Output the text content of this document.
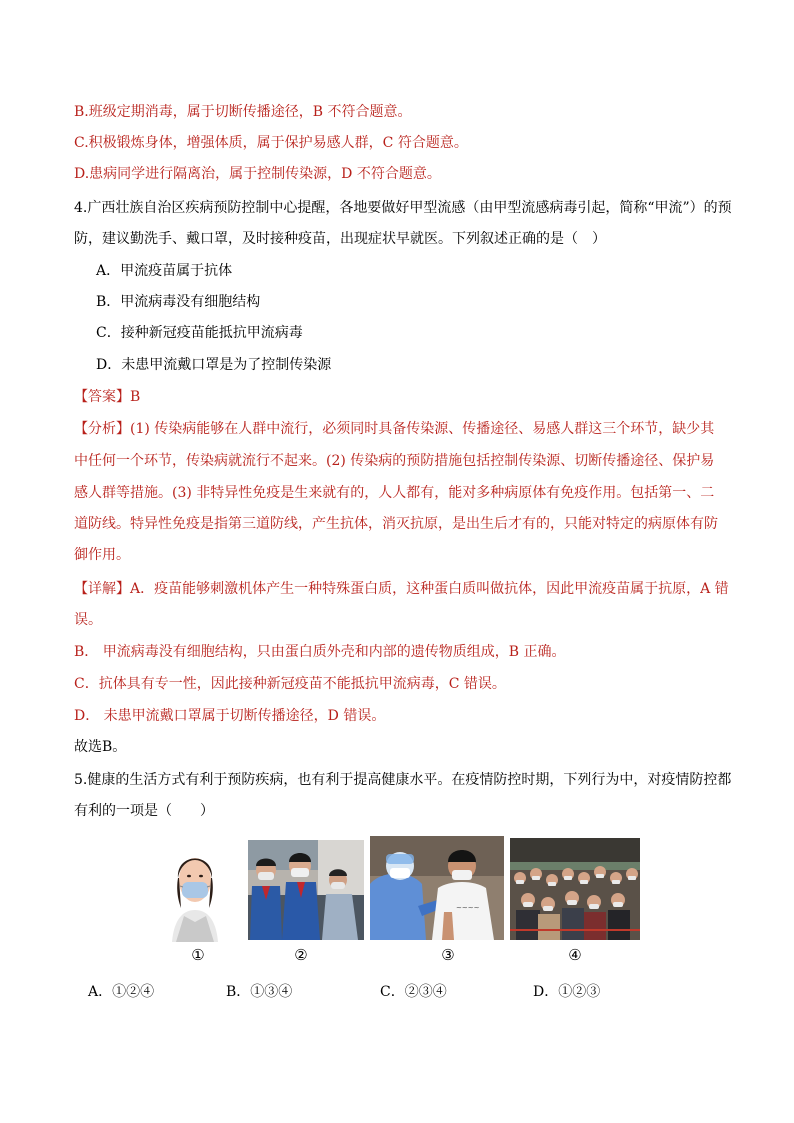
B.班级定期消毒，属于切断传播途径，B 不符合题意。
C.积极锻炼身体，增强体质，属于保护易感人群，C 符合题意。
D.患病同学进行隔离治，属于控制传染源，D 不符合题意。
4.广西壮族自治区疾病预防控制中心提醒，各地要做好甲型流感（由甲型流感病毒引起，简称“甲流”）的预
防，建议勤洗手、戴口罩，及时接种疫苗，出现症状早就医。下列叙述正确的是（　）
A．甲流疫苗属于抗体
B．甲流病毒没有细胞结构
C．接种新冠疫苗能抵抗甲流病毒
D．未患甲流戴口罩是为了控制传染源
【答案】B
【分析】(1) 传染病能够在人群中流行，必须同时具备传染源、传播途径、易感人群这三个环节，缺少其
中任何一个环节，传染病就流行不起来。(2) 传染病的预防措施包括控制传染源、切断传播途径、保护易
感人群等措施。(3) 非特异性免疫是生来就有的，人人都有，能对多种病原体有免疫作用。包括第一、二
道防线。特异性免疫是指第三道防线，产生抗体，消灭抗原，是出生后才有的，只能对特定的病原体有防
御作用。
【详解】A．疫苗能够刺激机体产生一种特殊蛋白质，这种蛋白质叫做抗体，因此甲流疫苗属于抗原，A 错
误。
B． 甲流病毒没有细胞结构，只由蛋白质外壳和内部的遗传物质组成，B 正确。
C．抗体具有专一性，因此接种新冠疫苗不能抵抗甲流病毒，C 错误。
D． 未患甲流戴口罩属于切断传播途径，D 错误。
故选B。
5.健康的生活方式有利于预防疾病，也有利于提高健康水平。在疫情防控时期，下列行为中，对疫情防控都
有利的一项是（　　）
~~~~
①	②	③	④
A．①②④	B．①③④	C．②③④	D．①②③
